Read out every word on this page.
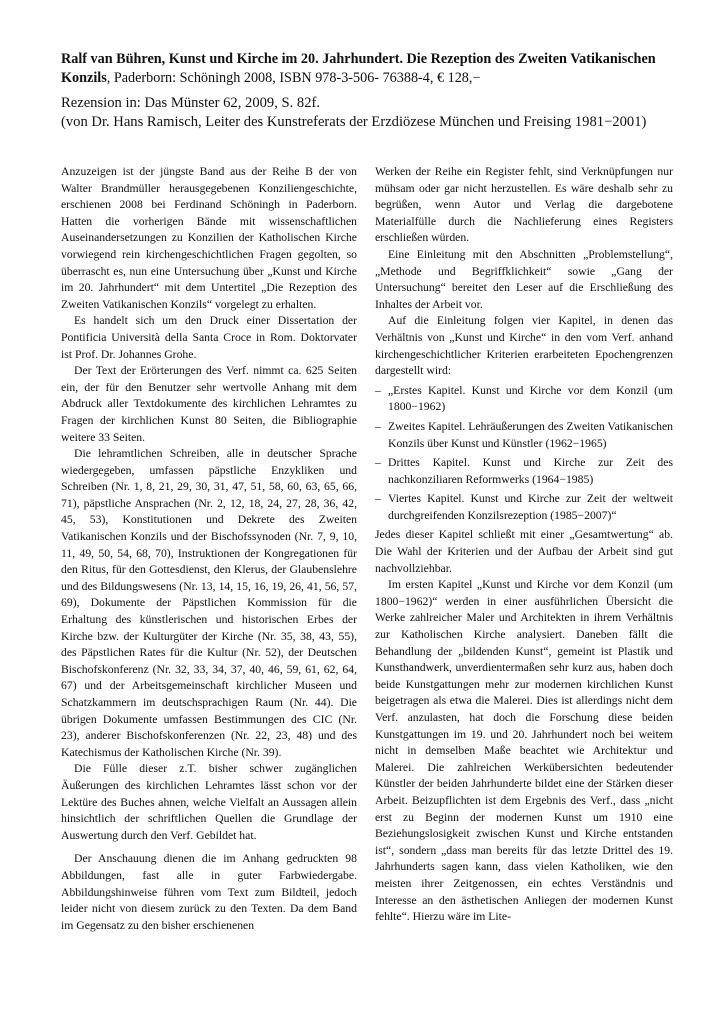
Ralf van Bühren, Kunst und Kirche im 20. Jahrhundert. Die Rezeption des Zweiten Vatikanischen Konzils, Paderborn: Schöningh 2008, ISBN 978-3-506- 76388-4, € 128,−

Rezension in: Das Münster 62, 2009, S. 82f.

(von Dr. Hans Ramisch, Leiter des Kunstreferats der Erzdiözese München und Freising 1981−2001)

Anzuzeigen ist der jüngste Band aus der Reihe B der von Walter Brandmüller herausgegebenen Konziliengeschichte, erschienen 2008 bei Ferdinand Schöningh in Paderborn. Hatten die vorherigen Bände mit wissenschaftlichen Auseinandersetzungen zu Konzilien der Katholischen Kirche vorwiegend rein kirchengeschichtlichen Fragen gegolten, so überrascht es, nun eine Untersuchung über „Kunst und Kirche im 20. Jahrhundert“ mit dem Untertitel „Die Rezeption des Zweiten Vatikanischen Konzils“ vorgelegt zu erhalten.

Es handelt sich um den Druck einer Dissertation der Pontificia Università della Santa Croce in Rom. Doktorvater ist Prof. Dr. Johannes Grohe.

Der Text der Erörterungen des Verf. nimmt ca. 625 Seiten ein, der für den Benutzer sehr wertvolle Anhang mit dem Abdruck aller Textdokumente des kirchlichen Lehramtes zu Fragen der kirchlichen Kunst 80 Seiten, die Bibliographie weitere 33 Seiten.

Die lehramtlichen Schreiben, alle in deutscher Sprache wiedergegeben, umfassen päpstliche Enzykliken und Schreiben (Nr. 1, 8, 21, 29, 30, 31, 47, 51, 58, 60, 63, 65, 66, 71), päpstliche Ansprachen (Nr. 2, 12, 18, 24, 27, 28, 36, 42, 45, 53), Konstitutionen und Dekrete des Zweiten Vatikanischen Konzils und der Bischofssynoden (Nr. 7, 9, 10, 11, 49, 50, 54, 68, 70), Instruktionen der Kongregationen für den Ritus, für den Gottesdienst, den Klerus, der Glaubenslehre und des Bildungswesens (Nr. 13, 14, 15, 16, 19, 26, 41, 56, 57, 69), Dokumente der Päpstlichen Kommission für die Erhaltung des künstlerischen und historischen Erbes der Kirche bzw. der Kulturgüter der Kirche (Nr. 35, 38, 43, 55), des Päpstlichen Rates für die Kultur (Nr. 52), der Deutschen Bischofskonferenz (Nr. 32, 33, 34, 37, 40, 46, 59, 61, 62, 64, 67) und der Arbeitsgemeinschaft kirchlicher Museen und Schatzkammern im deutschsprachigen Raum (Nr. 44). Die übrigen Dokumente umfassen Bestimmungen des CIC (Nr. 23), anderer Bischofskonferenzen (Nr. 22, 23, 48) und des Katechismus der Katholischen Kirche (Nr. 39).

Die Fülle dieser z.T. bisher schwer zugänglichen Äußerungen des kirchlichen Lehramtes lässt schon vor der Lektüre des Buches ahnen, welche Vielfalt an Aussagen allein hinsichtlich der schriftlichen Quellen die Grundlage der Auswertung durch den Verf. Gebildet hat.

Der Anschauung dienen die im Anhang gedruckten 98 Abbildungen, fast alle in guter Farbwiedergabe. Abbildungshinweise führen vom Text zum Bildteil, jedoch leider nicht von diesem zurück zu den Texten. Da dem Band im Gegensatz zu den bisher erschienenen

Werken der Reihe ein Register fehlt, sind Verknüpfungen nur mühsam oder gar nicht herzustellen. Es wäre deshalb sehr zu begrüßen, wenn Autor und Verlag die dargebotene Materialfülle durch die Nachlieferung eines Registers erschließen würden.

Eine Einleitung mit den Abschnitten „Problemstellung“, „Methode und Begriffklichkeit“ sowie „Gang der Untersuchung“ bereitet den Leser auf die Erschließung des Inhaltes der Arbeit vor.

Auf die Einleitung folgen vier Kapitel, in denen das Verhältnis von „Kunst und Kirche“ in den vom Verf. anhand kirchengeschichtlicher Kriterien erarbeiteten Epochengrenzen dargestellt wird:

– „Erstes Kapitel. Kunst und Kirche vor dem Konzil (um 1800−1962)
– Zweites Kapitel. Lehräußerungen des Zweiten Vatikanischen Konzils über Kunst und Künstler (1962−1965)
– Drittes Kapitel. Kunst und Kirche zur Zeit des nachkonziliaren Reformwerks (1964−1985)
– Viertes Kapitel. Kunst und Kirche zur Zeit der weltweit durchgreifenden Konzilsrezeption (1985−2007)“

Jedes dieser Kapitel schließt mit einer „Gesamtwertung“ ab. Die Wahl der Kriterien und der Aufbau der Arbeit sind gut nachvollziehbar.

Im ersten Kapitel „Kunst und Kirche vor dem Konzil (um 1800−1962)“ werden in einer ausführlichen Übersicht die Werke zahlreicher Maler und Architekten in ihrem Verhältnis zur Katholischen Kirche analysiert. Daneben fällt die Behandlung der „bildenden Kunst“, gemeint ist Plastik und Kunsthandwerk, unverdientermaßen sehr kurz aus, haben doch beide Kunstgattungen mehr zur modernen kirchlichen Kunst beigetragen als etwa die Malerei. Dies ist allerdings nicht dem Verf. anzulasten, hat doch die Forschung diese beiden Kunstgattungen im 19. und 20. Jahrhundert noch bei weitem nicht in demselben Maße beachtet wie Architektur und Malerei. Die zahlreichen Werkübersichten bedeutender Künstler der beiden Jahrhunderte bildet eine der Stärken dieser Arbeit. Beizupflichten ist dem Ergebnis des Verf., dass „nicht erst zu Beginn der modernen Kunst um 1910 eine Beziehungslosigkeit zwischen Kunst und Kirche entstanden ist“, sondern „dass man bereits für das letzte Drittel des 19. Jahrhunderts sagen kann, dass vielen Katholiken, wie den meisten ihrer Zeitgenossen, ein echtes Verständnis und Interesse an den ästhetischen Anliegen der modernen Kunst fehlte“. Hierzu wäre im Lite-
